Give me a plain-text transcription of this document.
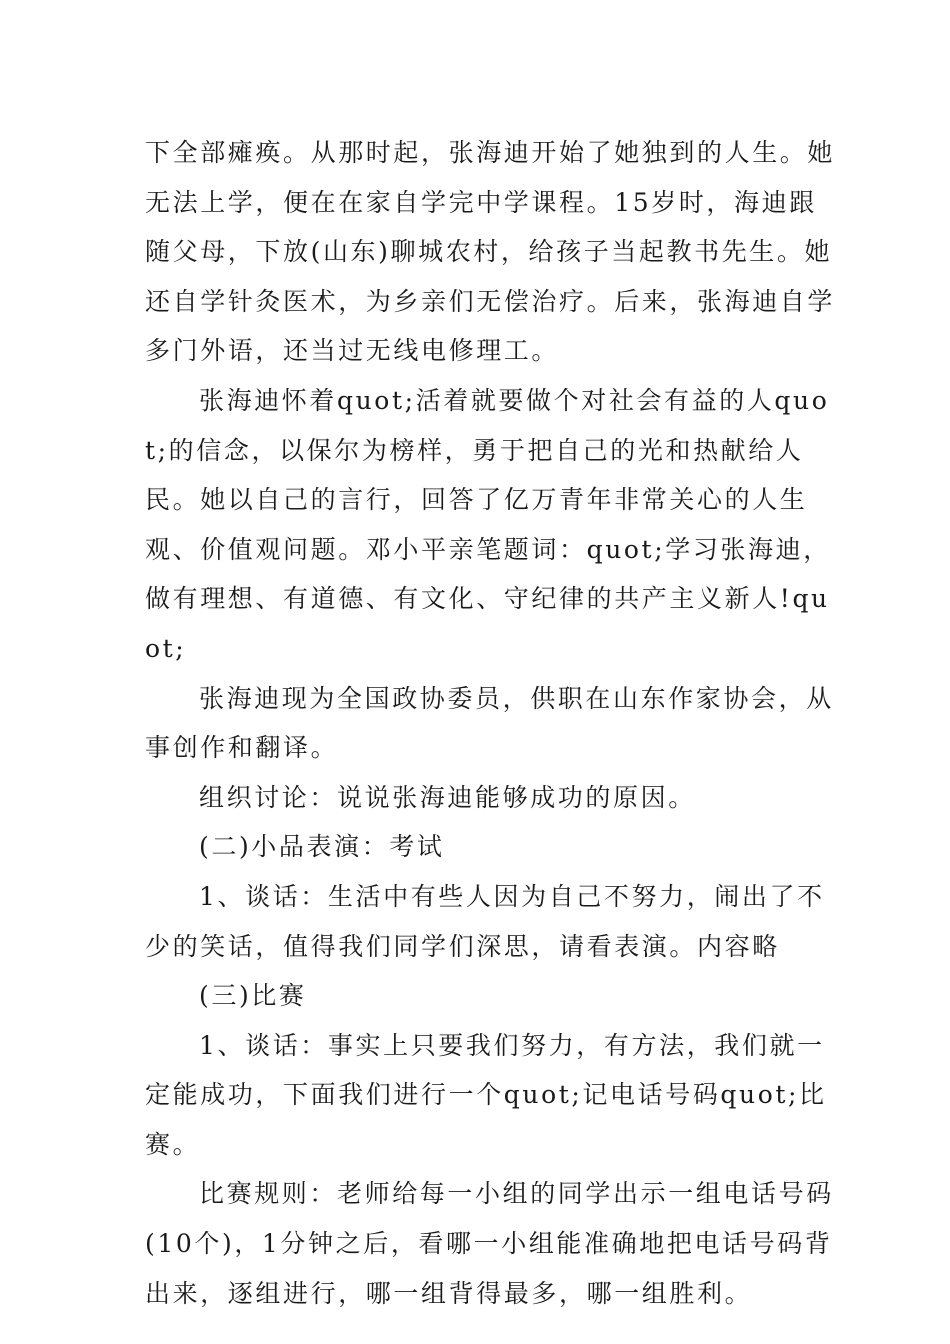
下全部瘫痪。从那时起，张海迪开始了她独到的人生。她无法上学，便在在家自学完中学课程。15岁时，海迪跟随父母，下放(山东)聊城农村，给孩子当起教书先生。她还自学针灸医术，为乡亲们无偿治疗。后来，张海迪自学多门外语，还当过无线电修理工。

张海迪怀着quot;活着就要做个对社会有益的人quot;的信念，以保尔为榜样，勇于把自己的光和热献给人民。她以自己的言行，回答了亿万青年非常关心的人生观、价值观问题。邓小平亲笔题词：quot;学习张海迪，做有理想、有道德、有文化、守纪律的共产主义新人!quot;

张海迪现为全国政协委员，供职在山东作家协会，从事创作和翻译。

组织讨论：说说张海迪能够成功的原因。

(二)小品表演：考试

1、谈话：生活中有些人因为自己不努力，闹出了不少的笑话，值得我们同学们深思，请看表演。内容略

(三)比赛

1、谈话：事实上只要我们努力，有方法，我们就一定能成功，下面我们进行一个quot;记电话号码quot;比赛。

比赛规则：老师给每一小组的同学出示一组电话号码(10个)，1分钟之后，看哪一小组能准确地把电话号码背出来，逐组进行，哪一组背得最多，哪一组胜利。
